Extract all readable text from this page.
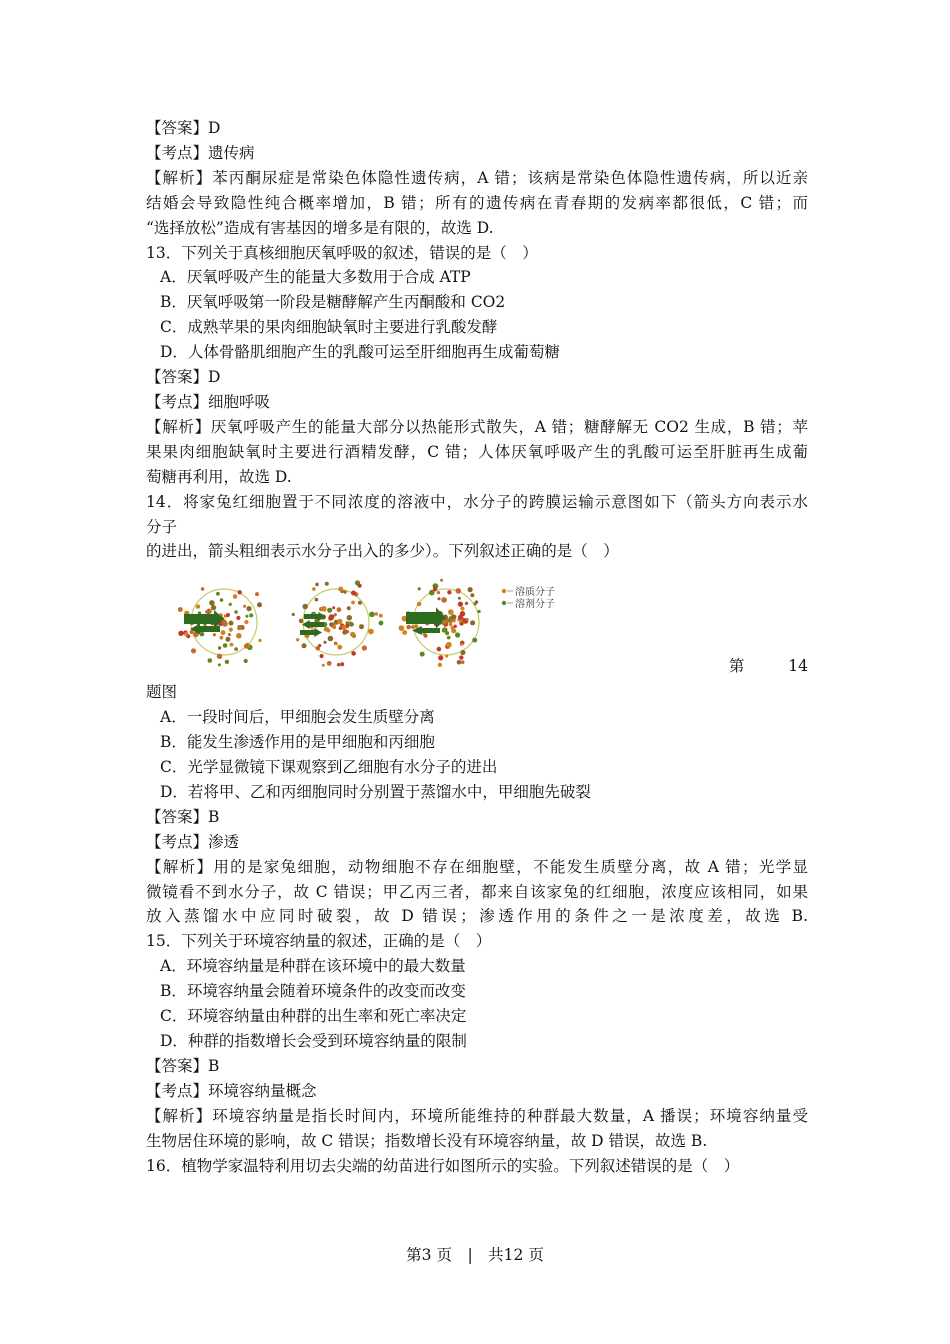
【答案】D
【考点】遗传病
【解析】苯丙酮尿症是常染色体隐性遗传病，A 错；该病是常染色体隐性遗传病，所以近亲
结婚会导致隐性纯合概率增加，B 错；所有的遗传病在青春期的发病率都很低，C 错；而
“选择放松”造成有害基因的增多是有限的，故选 D.
13．下列关于真核细胞厌氧呼吸的叙述，错误的是（　）
A．厌氧呼吸产生的能量大多数用于合成 ATP
B．厌氧呼吸第一阶段是糖酵解产生丙酮酸和 CO2
C．成熟苹果的果肉细胞缺氧时主要进行乳酸发酵
D．人体骨骼肌细胞产生的乳酸可运至肝细胞再生成葡萄糖
【答案】D
【考点】细胞呼吸
【解析】厌氧呼吸产生的能量大部分以热能形式散失，A 错；糖酵解无 CO2 生成，B 错；苹
果果肉细胞缺氧时主要进行酒精发酵，C 错；人体厌氧呼吸产生的乳酸可运至肝脏再生成葡
萄糖再利用，故选 D.
14．将家兔红细胞置于不同浓度的溶液中，水分子的跨膜运输示意图如下（箭头方向表示水
分子
的进出，箭头粗细表示水分子出入的多少）。下列叙述正确的是（　）
溶质分子
溶剂分子
第	14
题图
A．一段时间后，甲细胞会发生质壁分离
B．能发生渗透作用的是甲细胞和丙细胞
C．光学显微镜下课观察到乙细胞有水分子的进出
D．若将甲、乙和丙细胞同时分别置于蒸馏水中，甲细胞先破裂
【答案】B
【考点】渗透
【解析】用的是家兔细胞，动物细胞不存在细胞壁，不能发生质壁分离，故 A 错；光学显
微镜看不到水分子，故 C 错误；甲乙丙三者，都来自该家兔的红细胞，浓度应该相同，如果
放入蒸馏水中应同时破裂，故 D 错误；渗透作用的条件之一是浓度差，故选 B.
15．下列关于环境容纳量的叙述，正确的是（　）
A．环境容纳量是种群在该环境中的最大数量
B．环境容纳量会随着环境条件的改变而改变
C．环境容纳量由种群的出生率和死亡率决定
D．种群的指数增长会受到环境容纳量的限制
【答案】B
【考点】环境容纳量概念
【解析】环境容纳量是指长时间内，环境所能维持的种群最大数量，A 播误；环境容纳量受
生物居住环境的影响，故 C 错误；指数增长没有环境容纳量，故 D 错误，故选 B.
16．植物学家温特利用切去尖端的幼苗进行如图所示的实验。下列叙述错误的是（　）
第3 页　|　共12 页
